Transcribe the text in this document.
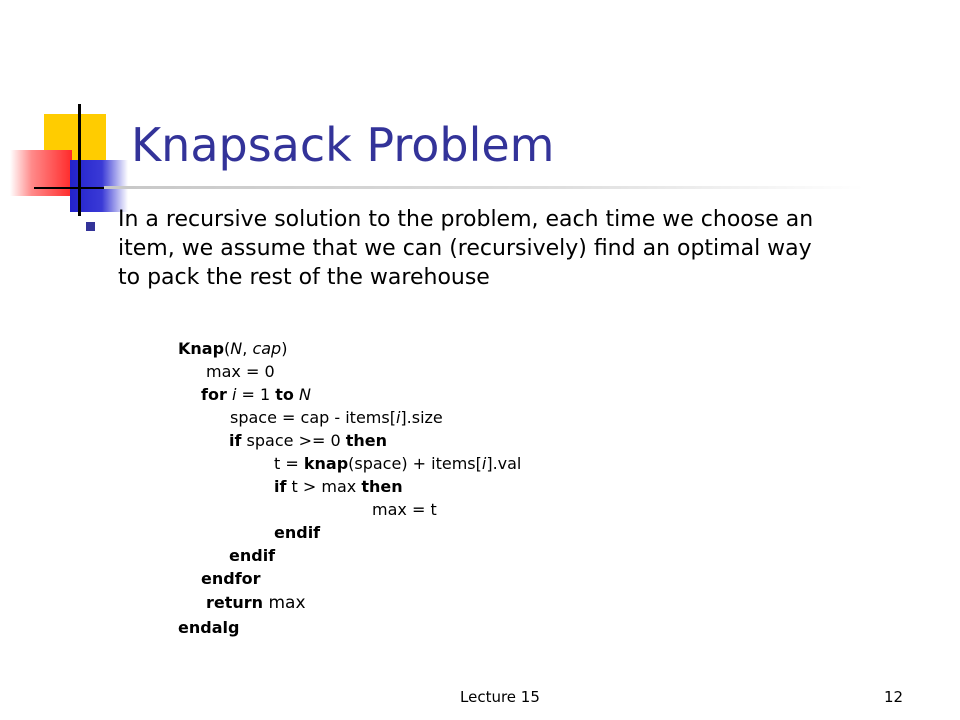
Knapsack Problem
In a recursive solution to the problem, each time we choose an
item, we assume that we can (recursively) find an optimal way
to pack the rest of the warehouse
Knap(N, cap)
max = 0
for i = 1 to N
space = cap - items[i].size
if space >= 0 then
t = knap(space) + items[i].val
if t > max then
max = t
endif
endif
endfor
return max
endalg
Lecture 15	12
